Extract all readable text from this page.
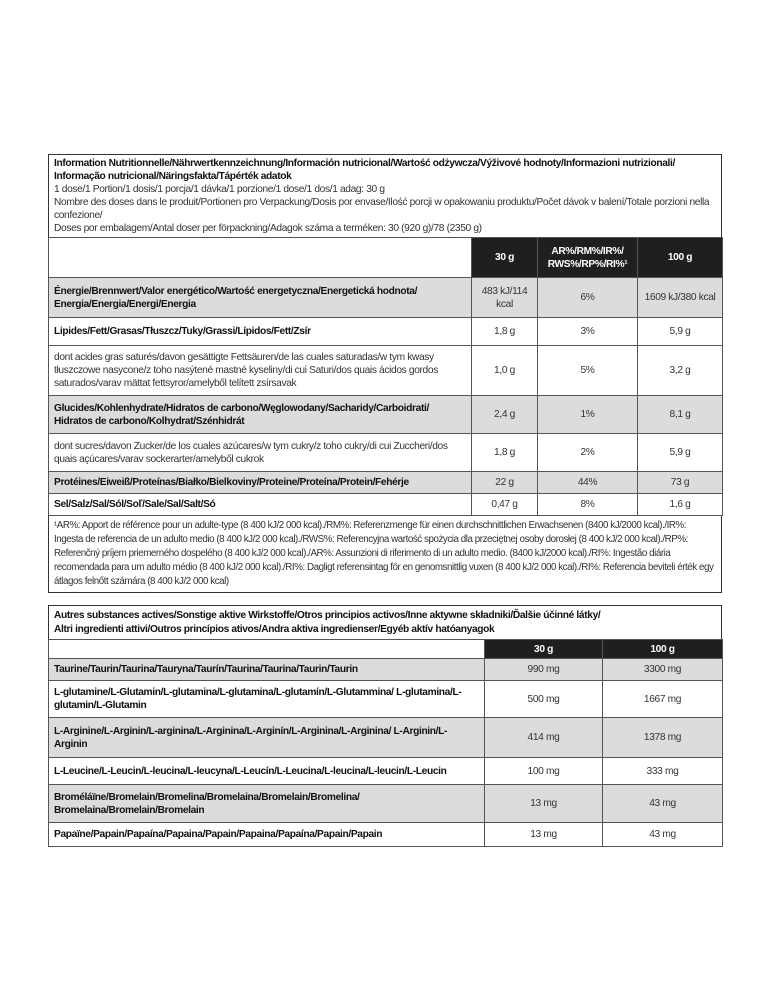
Information Nutritionnelle/Nährwertkennzeichnung/Información nutricional/Wartość odżywcza/Výživové hodnoty/Informazioni nutrizionali/
Informação nutricional/Näringsfakta/Tápérték adatok
1 dose/1 Portion/1 dosis/1 porcja/1 dávka/1 porzione/1 dose/1 dos/1 adag: 30 g
Nombre des doses dans le produit/Portionen pro Verpackung/Dosis por envase/Ilość porcji w opakowaniu produktu/Počet dávok v balení/Totale porzioni nella confezione/
Doses por embalagem/Antal doser per förpackning/Adagok száma a terméken: 30 (920 g)/78 (2350 g)
	30 g	AR%/RM%/IR%/
RWS%/RP%/RI%¹	100 g
Énergie/Brennwert/Valor energético/Wartość energetyczna/Energetická hodnota/ Energia/Energia/Energi/Energia	483 kJ/114 kcal	6%	1609 kJ/380 kcal
Lipides/Fett/Grasas/Tłuszcz/Tuky/Grassi/Lípidos/Fett/Zsír	1,8 g	3%	5,9 g
dont acides gras saturés/davon gesättigte Fettsäuren/de las cuales saturadas/w tym kwasy tłuszczowe nasycone/z toho nasýtené mastné kyseliny/di cui Saturi/dos quais ácidos gordos saturados/varav mättat fettsyror/amelyből telített zsírsavak	1,0 g	5%	3,2 g
Glucides/Kohlenhydrate/Hidratos de carbono/Węglowodany/Sacharidy/Carboidrati/ Hidratos de carbono/Kolhydrat/Szénhidrát	2,4 g	1%	8,1 g
dont sucres/davon Zucker/de los cuales azúcares/w tym cukry/z toho cukry/di cui Zuccheri/dos quais açúcares/varav sockerarter/amelyből cukrok	1,8 g	2%	5,9 g
Protéines/Eiweiß/Proteínas/Białko/Bielkoviny/Proteine/Proteína/Protein/Fehérje	22 g	44%	73 g
Sel/Salz/Sal/Sól/Soľ/Sale/Sal/Salt/Só	0,47 g	8%	1,6 g
¹AR%: Apport de référence pour un adulte-type (8 400 kJ/2 000 kcal)./RM%: Referenzmenge für einen durchschnittlichen Erwachsenen (8400 kJ/2000 kcal)./IR%: Ingesta de referencia de un adulto medio (8 400 kJ/2 000 kcal)./RWS%: Referencyjna wartość spożycia dla przeciętnej osoby dorosłej (8 400 kJ/2 000 kcal)./RP%: Referenčný príjem priemerného dospelého (8 400 kJ/2 000 kcal)./AR%: Assunzioni di riferimento di un adulto medio. (8400 kJ/2000 kcal)./RI%: Ingestão diária recomendada para um adulto médio (8 400 kJ/2 000 kcal)./RI%: Dagligt referensintag för en genomsnittlig vuxen (8 400 kJ/2 000 kcal)./RI%: Referencia beviteli érték egy átlagos felnőtt számára (8 400 kJ/2 000 kcal)
Autres substances actives/Sonstige aktive Wirkstoffe/Otros principios activos/Inne aktywne składniki/Ďalšie účinné látky/
Altri ingredienti attivi/Outros princípios ativos/Andra aktiva ingredienser/Egyéb aktív hatóanyagok
	30 g	100 g
Taurine/Taurin/Taurina/Tauryna/Taurín/Taurina/Taurina/Taurin/Taurin	990 mg	3300 mg
L-glutamine/L-Glutamin/L-glutamina/L-glutamina/L-glutamín/L-Glutammina/ L-glutamina/L-glutamin/L-Glutamin	500 mg	1667 mg
L-Arginine/L-Arginin/L-arginina/L-Arginina/L-Arginín/L-Arginina/L-Arginina/ L-Arginin/L-Arginin	414 mg	1378 mg
L-Leucine/L-Leucin/L-leucina/L-leucyna/L-Leucín/L-Leucina/L-leucina/L-leucin/L-Leucin	100 mg	333 mg
Broméláïne/Bromelain/Bromelina/Bromelaina/Bromelain/Bromelina/ Bromelaina/Bromelain/Bromelain	13 mg	43 mg
Papaïne/Papain/Papaína/Papaina/Papain/Papaina/Papaína/Papain/Papain	13 mg	43 mg
